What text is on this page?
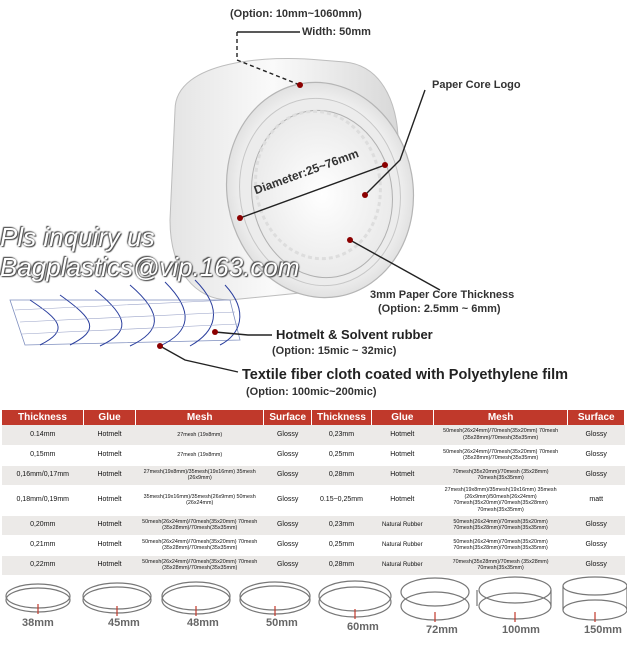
(Option: 10mm~1060mm)
Width: 50mm
Paper Core Logo
Diameter:25~76mm
3mm Paper Core Thickness
(Option: 2.5mm ~ 6mm)
Hotmelt & Solvent rubber
(Option: 15mic ~ 32mic)
Textile fiber cloth coated with Polyethylene film
(Option: 100mic~200mic)
Pls inquiry us
Bagplastics@vip.163.com
Thickness	Glue	Mesh	Surface	Thickness	Glue	Mesh	Surface
0.14mm	Hotmelt	27mesh (19x8mm)	Glossy	0,23mm	Hotmelt	50mesh(26x24mm)/70mesh(35x20mm) 70mesh (35x28mm)/70mesh(35x35mm)	Glossy
0,15mm	Hotmelt	27mesh (19x8mm)	Glossy	0,25mm	Hotmelt	50mesh(26x24mm)/70mesh(35x20mm) 70mesh (35x28mm)/70mesh(35x35mm)	Glossy
0,16mm/0,17mm	Hotmelt	27mesh(19x8mm)/35mesh(19x16mm) 35mesh (26x9mm)	Glossy	0,28mm	Hotmelt	70mesh(35x20mm)/70mesh (35x28mm) 70mesh(35x35mm)	Glossy
0,18mm/0,19mm	Hotmelt	35mesh(19x16mm)/35mesh(26x9mm) 50mesh (26x24mm)	Glossy	0.15~0,25mm	Hotmelt	27mesh(19x8mm)/35mesh(19x16mm) 35mesh (26x9mm)/50mesh(26x24mm) 70mesh(35x20mm)/70mesh(35x28mm) 70mesh(35x35mm)	matt
0,20mm	Hotmelt	50mesh(26x24mm)/70mesh(35x20mm) 70mesh (35x28mm)/70mesh(35x35mm)	Glossy	0,23mm	Natural Rubber	50mesh(26x24mm)/70mesh(35x20mm) 70mesh(35x28mm)/70mesh(35x35mm)	Glossy
0,21mm	Hotmelt	50mesh(26x24mm)/70mesh(35x20mm) 70mesh (35x28mm)/70mesh(35x35mm)	Glossy	0,25mm	Natural Rubber	50mesh(26x24mm)/70mesh(35x20mm) 70mesh(35x28mm)/70mesh(35x35mm)	Glossy
0,22mm	Hotmelt	50mesh(26x24mm)/70mesh(35x20mm) 70mesh (35x28mm)/70mesh(35x35mm)	Glossy	0,28mm	Natural Rubber	70mesh(35x28mm)/70mesh (35x28mm) 70mesh(35x35mm)	Glossy
38mm	45mm	48mm	50mm	60mm	72mm	100mm	150mm
